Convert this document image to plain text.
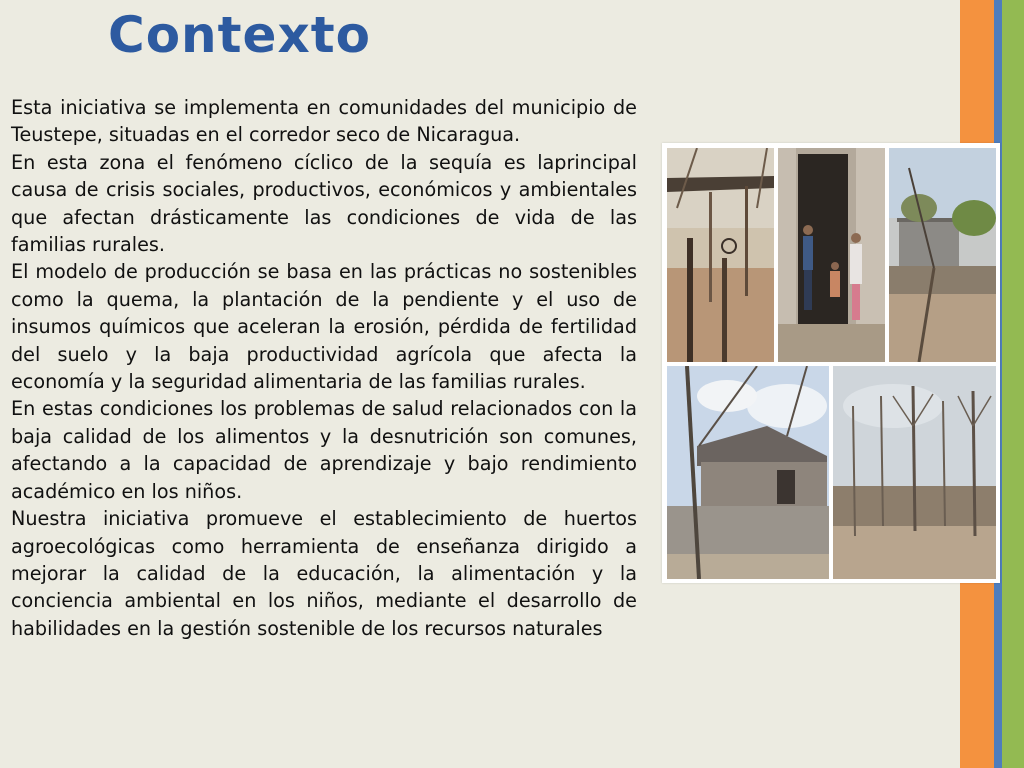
Contexto

Esta iniciativa se implementa en comunidades del municipio de Teustepe, situadas en el corredor seco de Nicaragua.

En esta zona el fenómeno cíclico de la sequía es laprincipal causa de crisis sociales, productivos, económicos y ambientales que afectan drásticamente las condiciones de vida de las familias rurales.

El modelo de producción se basa en las prácticas no sostenibles como la quema, la plantación de la pendiente y el uso de insumos químicos que aceleran la erosión, pérdida de fertilidad del suelo y la baja productividad agrícola que afecta la economía y la seguridad alimentaria de las familias rurales.

En estas condiciones los problemas de salud relacionados con la baja calidad de los alimentos y la desnutrición son comunes, afectando a la capacidad de aprendizaje y bajo rendimiento académico en los niños.

Nuestra iniciativa promueve el establecimiento de huertos agroecológicas como herramienta de enseñanza dirigido a mejorar la calidad de la educación, la alimentación y la conciencia ambiental en los niños, mediante el desarrollo de habilidades en la gestión sostenible de los recursos naturales
